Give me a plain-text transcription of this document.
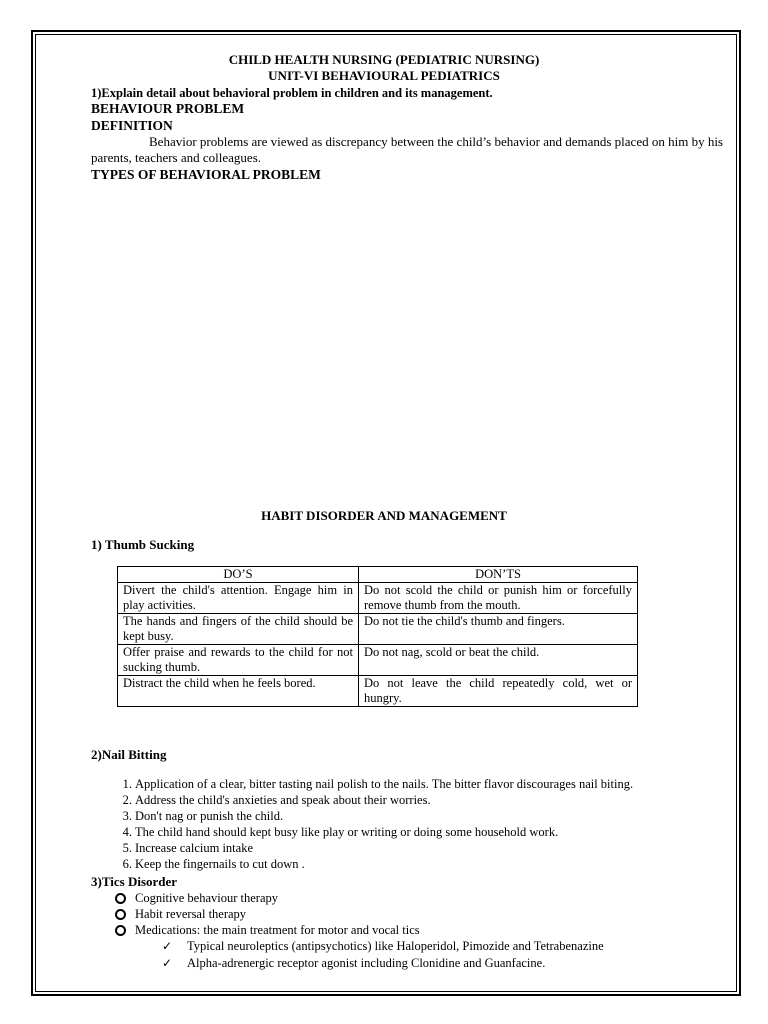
CHILD HEALTH NURSING (PEDIATRIC NURSING)
UNIT-VI BEHAVIOURAL PEDIATRICS
1)Explain detail about behavioral problem in children and its management.
BEHAVIOUR PROBLEM
DEFINITION
Behavior problems are viewed as discrepancy between the child’s behavior and demands placed on him by his parents, teachers and colleagues.
TYPES OF BEHAVIORAL PROBLEM
HABIT DISORDER AND MANAGEMENT
1) Thumb Sucking
DO’S	DON’TS
Divert the child's attention. Engage him in play activities.	Do not scold the child or punish him or forcefully remove thumb from the mouth.
The hands and fingers of the child should be kept busy.	Do not tie the child's thumb and fingers.
Offer praise and rewards to the child for not sucking thumb.	Do not nag, scold or beat the child.
Distract the child when he feels bored.	Do not leave the child repeatedly cold, wet or hungry.
2)Nail Bitting
1. Application of a clear, bitter tasting nail polish to the nails. The bitter flavor discourages nail biting.
2. Address the child's anxieties and speak about their worries.
3. Don't nag or punish the child.
4. The child hand should kept busy like play or writing or doing some household work.
5. Increase calcium intake
6. Keep the fingernails to cut down .
3)Tics Disorder
Cognitive behaviour therapy
Habit reversal therapy
Medications: the main treatment for motor and vocal tics
✓ Typical neuroleptics (antipsychotics) like Haloperidol, Pimozide and Tetrabenazine
✓ Alpha-adrenergic receptor agonist including Clonidine and Guanfacine.
